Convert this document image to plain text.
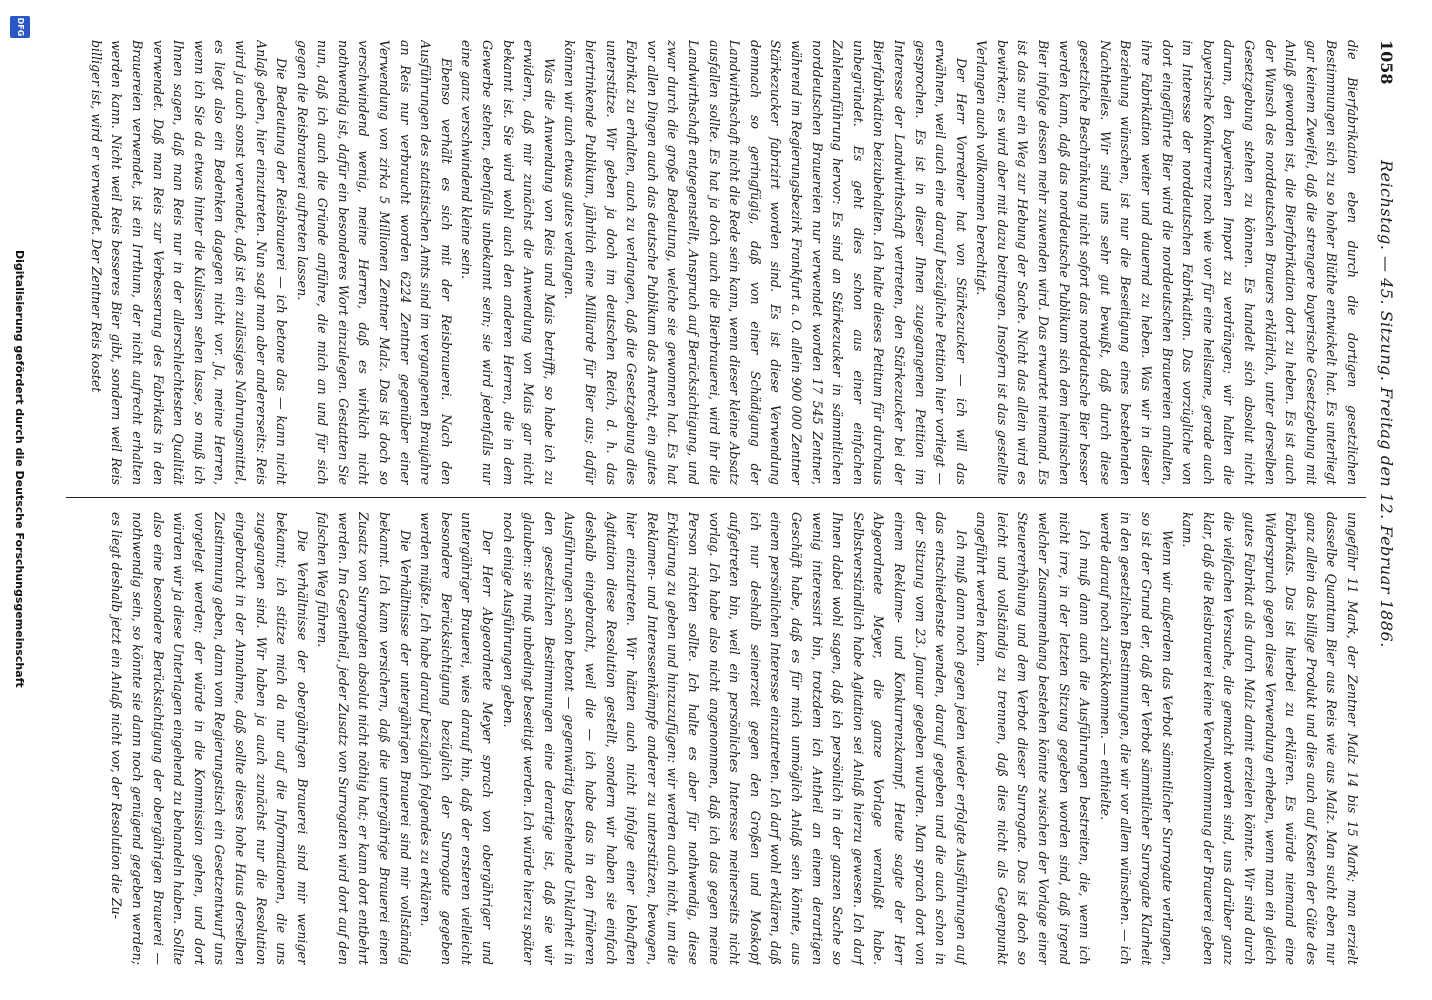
1058
Reichstag. — 45. Sitzung. Freitag den 12. Februar 1886.

die Bierfabrikation eben durch die dortigen gesetzlichen Bestimmungen sich zu so hoher Blüthe entwickelt hat. Es unterliegt gar keinem Zweifel, daß die strengere bayerische Gesetzgebung mit Anlaß geworden ist, die Bierfabrikation dort zu heben. Es ist auch der Wunsch des norddeutschen Brauers erklärlich, unter derselben Gesetzgebung stehen zu können. Es handelt sich absolut nicht darum, den bayerischen Import zu verdrängen; wir halten die bayerische Konkurrenz noch wie vor für eine heilsame, gerade auch im Interesse der norddeutschen Fabrikation. Das vorzügliche von dort eingeführte Bier wird die norddeutschen Brauereien anhalten, ihre Fabrikation weiter und dauernd zu heben. Was wir in dieser Beziehung wünschen, ist nur die Beseitigung eines bestehenden Nachtheiles. Wir sind uns sehr gut bewußt, daß durch diese gesetzliche Beschränkung nicht sofort das norddeutsche Bier besser werden kann, daß das norddeutsche Publikum sich dem heimischen Bier infolge dessen mehr zuwenden wird. Das erwartet niemand. Es ist das nur ein Weg zur Hebung der Sache. Nicht das allein wird es bewirken; es wird aber mit dazu beitragen. Insofern ist das gestellte Verlangen auch vollkommen berechtigt.

Der Herr Vorredner hat von Stärkezucker — ich will das erwähnen, weil auch eine darauf bezügliche Petition hier vorliegt — gesprochen. Es ist in dieser Ihnen zugegangenen Petition im Interesse der Landwirthschaft vertreten, den Stärkezucker bei der Bierfabrikation beizubehalten. Ich halte dieses Petitum für durchaus unbegründet. Es geht dies schon aus einer einfachen Zahlenanführung hervor: Es sind an Stärkezucker in sämmtlichen norddeutschen Brauereien nur verwendet worden 17 545 Zentner, während im Regierungsbezirk Frankfurt a. O. allein 900 000 Zentner Stärkezucker fabrizirt worden sind. Es ist diese Verwendung demnach so geringfügig, daß von einer Schädigung der Landwirthschaft nicht die Rede sein kann, wenn dieser kleine Absatz ausfallen sollte. Es hat ja doch auch die Bierbrauerei, wird ihr die Landwirthschaft entgegenstellt, Anspruch auf Berücksichtigung, und zwar durch die große Bedeutung, welche sie gewonnen hat. Es hat vor allen Dingen auch das deutsche Publikum das Anrecht, ein gutes Fabrikat zu erhalten, auch zu verlangen, daß die Gesetzgebung dies unterstütze. Wir geben ja doch im deutschen Reich, d. h. das biertrinkende Publikum, jährlich eine Milliarde für Bier aus; dafür können wir auch etwas gutes verlangen.

Was die Anwendung von Reis und Mais betrifft, so habe ich zu erwidern, daß mir zunächst die Anwendung von Mais gar nicht bekannt ist. Sie wird wohl auch den anderen Herren, die in dem Gewerbe stehen, ebenfalls unbekannt sein; sie wird jedenfalls nur eine ganz verschwindend kleine sein.

Ebenso verhält es sich mit der Reisbrauerei. Nach den Ausführungen des statistischen Amts sind im vergangenen Braujahre an Reis nur verbraucht worden 6224 Zentner gegenüber einer Verwendung von zirka 5 Millionen Zentner Malz. Das ist doch so verschwindend wenig, meine Herren, daß es wirklich nicht nothwendig ist, dafür ein besonderes Wort einzulegen. Gestatten Sie nun, daß ich auch die Gründe anführe, die mich an und für sich gegen die Reisbrauerei auftreten lassen.

Die Bedeutung der Reisbrauerei — ich betone das — kann nicht Anlaß geben, hier einzutreten. Nun sagt man aber andererseits: Reis wird ja auch sonst verwendet, daß ist ein zulässiges Nahrungsmittel, es liegt also ein Bedenken dagegen nicht vor. Ja, meine Herren, wenn ich Sie da etwas hinter die Kulissen sehen lasse, so muß ich Ihnen sagen, daß man Reis nur in der allerschlechtesten Qualität verwendet. Daß man Reis zur Verbesserung des Fabrikats in den Brauereien verwendet, ist ein Irrthum, der nicht aufrecht erhalten werden kann. Nicht weil Reis besseres Bier gibt, sondern weil Reis billiger ist, wird er verwendet. Der Zentner Reis kostet

ungefähr 11 Mark, der Zentner Malz 14 bis 15 Mark; man erzielt dasselbe Quantum Bier aus Reis wie aus Malz. Man sucht eben nur ganz allein das billige Produkt und dies auch auf Kosten der Güte des Fabrikats. Das ist hierbei zu erklären. Es würde niemand eine Widerspruch gegen diese Verwendung erheben, wenn man ein gleich gutes Fabrikat als durch Malz damit erzielen könnte. Wir sind durch die vielfachen Versuche, die gemacht worden sind, uns darüber ganz klar, daß die Reisbrauerei keine Vervollkommnung der Brauerei geben kann.

Wenn wir außerdem das Verbot sämmtlicher Surrogate verlangen, so ist der Grund der, daß der Verbot sämmtlicher Surrogate Klarheit in den gesetzlichen Bestimmungen, die wir vor allem wünschen. — ich werde darauf noch zurückkommen. — enthielte.

Ich muß dann auch die Ausführungen bestreiten, die, wenn ich nicht irre, in der letzten Sitzung gegeben worden sind, daß irgend welcher Zusammenhang bestehen könnte zwischen der Vorlage einer Steuererhöhung und dem Verbot dieser Surrogate. Das ist doch so leicht und vollständig zu trennen, daß dies nicht als Gegenpunkt angeführt werden kann.

Ich muß dann noch gegen jeden wieder erfolgte Ausführungen auf das entschiedenste wenden, darauf gegeben und die auch schon in der Sitzung vom 23. Januar gegeben wurden. Man sprach dort von einem Reklame- und Konkurrenzkampf. Heute sagte der Herr Abgeordnete Meyer, die ganze Vorlage veranlaßt habe. Selbstverständlich habe Agitation sei Anlaß hierzu gewesen. Ich darf Ihnen dabei wohl sagen, daß ich persönlich in der ganzen Sache so wenig interessirt bin, trotzdem ich Antheil an einem derartigen Geschäft habe, daß es für mich unmöglich Anlaß sein könnte, aus einem persönlichen Interesse einzutreten. Ich darf wohl erklären, daß ich nur deshalb seinerzeit gegen den Großen und Moskopf aufgetreten bin, weil ein persönliches Interesse meinerseits nicht vorlag. Ich habe also nicht angenommen, daß ich das gegen meine Person richten sollte. Ich halte es aber für nothwendig, diese Erklärung zu geben und hinzuzufügen: wir werden auch nicht, um die Reklamen- und Interessenkämpfe anderer zu unterstützen, bewogen, hier einzutreten. Wir hätten auch nicht infolge einer lebhaften Agitation diese Resolution gestellt, sondern wir haben sie einfach deshalb eingebracht, weil die — ich habe das in den früheren Ausführungen schon betont — gegenwärtig bestehende Unklarheit in den gesetzlichen Bestimmungen eine derartige ist, daß sie wir glauben: sie muß unbedingt beseitigt werden. Ich würde hierzu später noch einige Ausführungen geben.

Der Herr Abgeordnete Meyer sprach von obergähriger und untergähriger Brauerei, wies darauf hin, daß der ersteren vielleicht besondere Berücksichtigung bezüglich der Surrogate gegeben werden müßte. Ich habe darauf bezüglich folgendes zu erklären.

Die Verhältnisse der untergährigen Brauerei sind mir vollständig bekannt. Ich kann versichern, daß die untergährige Brauerei einen Zusatz von Surrogaten absolut nicht nöthig hat; er kann dort entbehrt werden. Im Gegentheil, jeder Zusatz von Surrogaten wird dort auf den falschen Weg führen.

Die Verhältnisse der obergährigen Brauerei sind mir weniger bekannt; ich stütze mich da nur auf die Informationen, die uns zugegangen sind. Wir haben ja auch zunächst nur die Resolution eingebracht in der Annahme, daß sollte dieses hohe Haus derselben Zustimmung geben, dann vom Regierungstisch ein Gesetzentwurf uns vorgelegt werden; der würde in die Kommission gehen, und dort würden wir ja diese Unterlagen eingehend zu behandeln haben. Sollte also eine besondere Berücksichtigung der obergährigen Brauerei — nothwendig sein, so könnte sie dann noch genügend gegeben werden; es liegt deshalb jetzt ein Anlaß nicht vor, der Resolution die Zu-

DFG
Digitalisierung gefördert durch die Deutsche Forschungsgemeinschaft
